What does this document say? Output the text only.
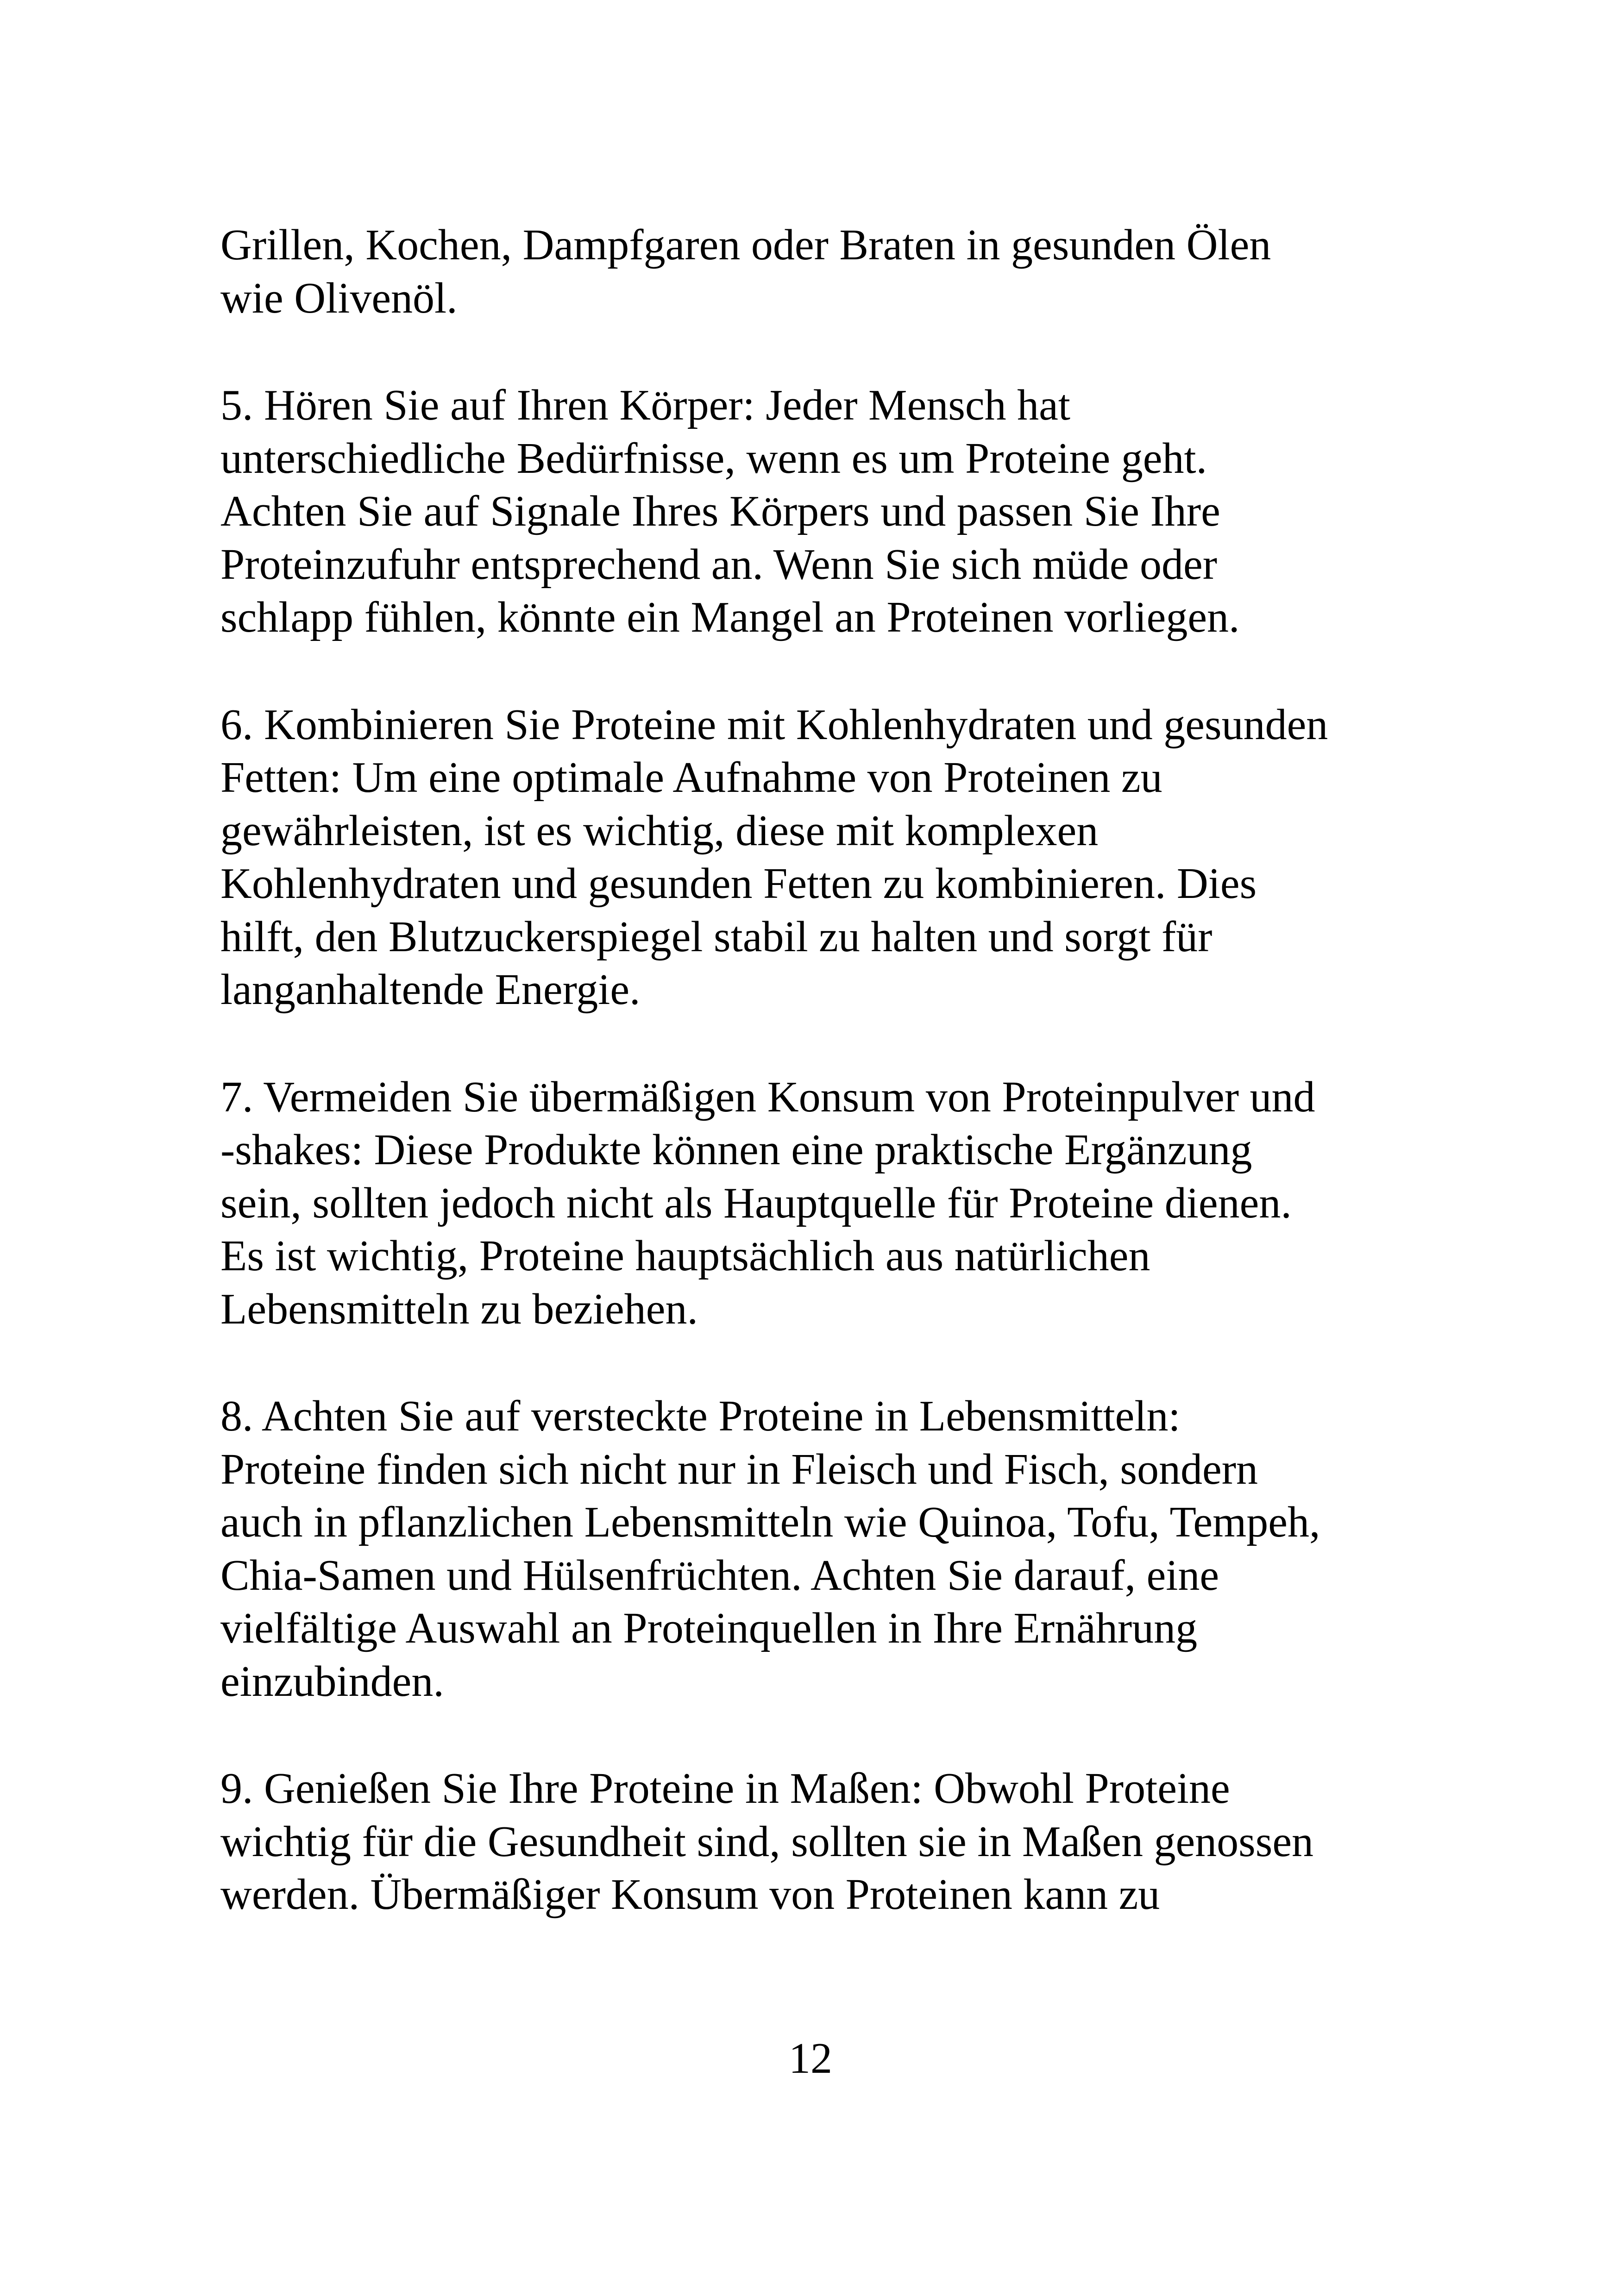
Grillen, Kochen, Dampfgaren oder Braten in gesunden Ölen
wie Olivenöl.

5. Hören Sie auf Ihren Körper: Jeder Mensch hat
unterschiedliche Bedürfnisse, wenn es um Proteine geht.
Achten Sie auf Signale Ihres Körpers und passen Sie Ihre
Proteinzufuhr entsprechend an. Wenn Sie sich müde oder
schlapp fühlen, könnte ein Mangel an Proteinen vorliegen.

6. Kombinieren Sie Proteine mit Kohlenhydraten und gesunden
Fetten: Um eine optimale Aufnahme von Proteinen zu
gewährleisten, ist es wichtig, diese mit komplexen
Kohlenhydraten und gesunden Fetten zu kombinieren. Dies
hilft, den Blutzuckerspiegel stabil zu halten und sorgt für
langanhaltende Energie.

7. Vermeiden Sie übermäßigen Konsum von Proteinpulver und
-shakes: Diese Produkte können eine praktische Ergänzung
sein, sollten jedoch nicht als Hauptquelle für Proteine dienen.
Es ist wichtig, Proteine hauptsächlich aus natürlichen
Lebensmitteln zu beziehen.

8. Achten Sie auf versteckte Proteine in Lebensmitteln:
Proteine finden sich nicht nur in Fleisch und Fisch, sondern
auch in pflanzlichen Lebensmitteln wie Quinoa, Tofu, Tempeh,
Chia-Samen und Hülsenfrüchten. Achten Sie darauf, eine
vielfältige Auswahl an Proteinquellen in Ihre Ernährung
einzubinden.

9. Genießen Sie Ihre Proteine in Maßen: Obwohl Proteine
wichtig für die Gesundheit sind, sollten sie in Maßen genossen
werden. Übermäßiger Konsum von Proteinen kann zu

12
